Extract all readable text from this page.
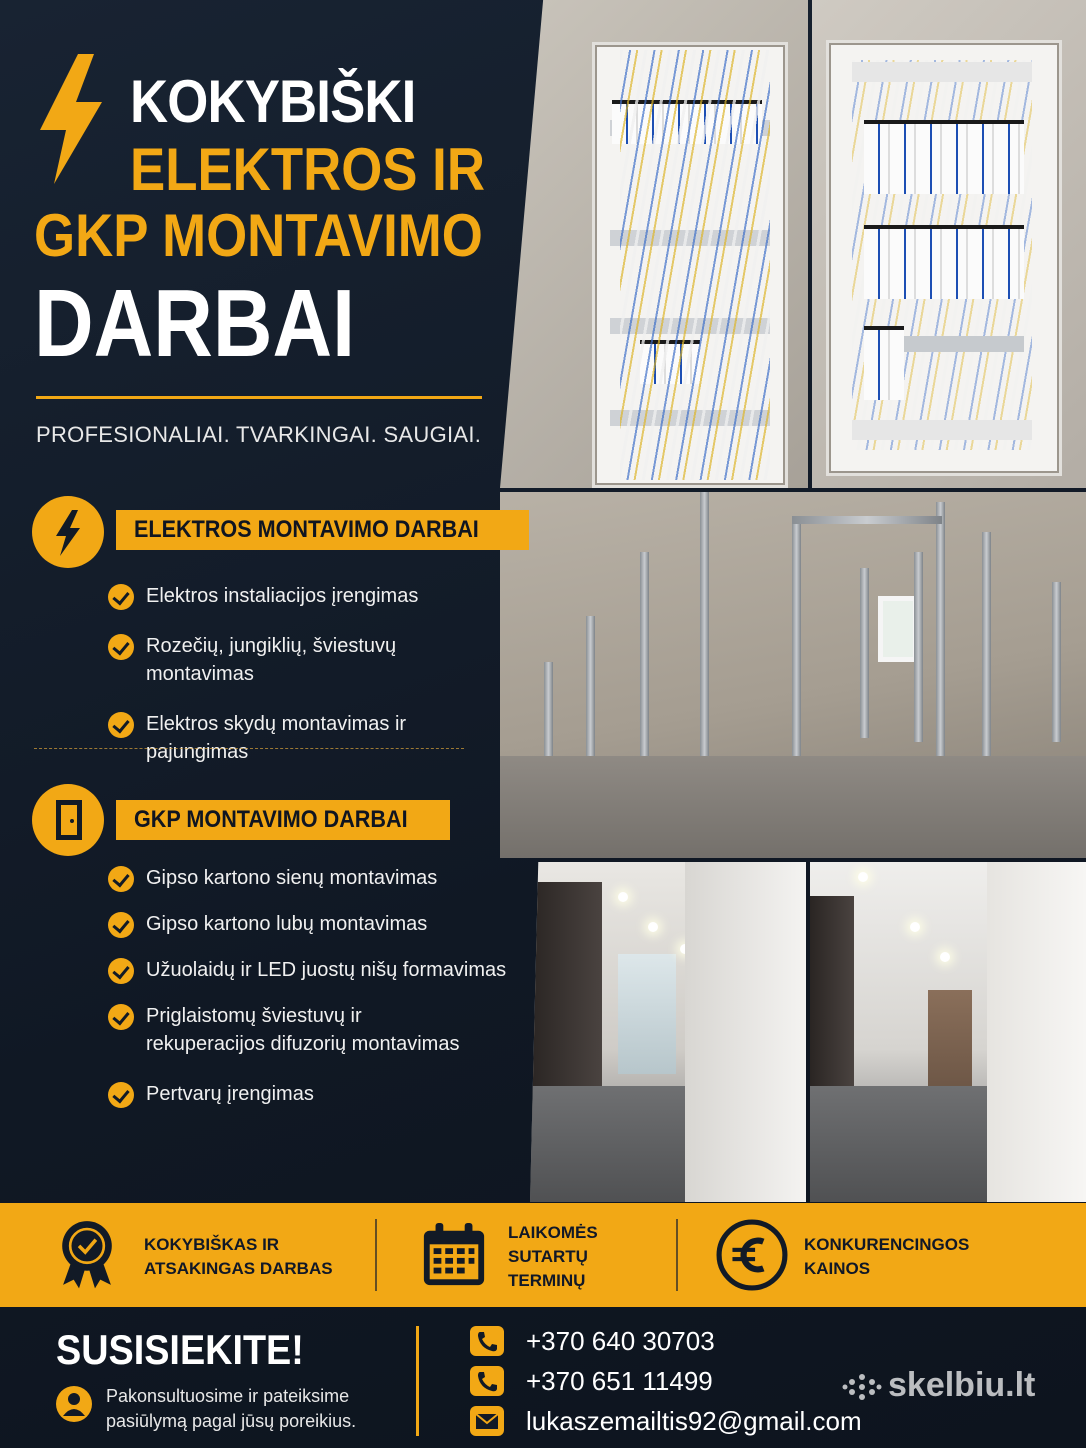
KOKYBIŠKI
ELEKTROS IR
GKP MONTAVIMO
DARBAI
PROFESIONALIAI. TVARKINGAI. SAUGIAI.
ELEKTROS MONTAVIMO DARBAI
Elektros instaliacijos įrengimas
Rozečių, jungiklių, šviestuvų montavimas
Elektros skydų montavimas ir pajungimas
GKP MONTAVIMO DARBAI
Gipso kartono sienų montavimas
Gipso kartono lubų montavimas
Užuolaidų ir LED juostų nišų formavimas
Priglaistomų šviestuvų ir rekuperacijos difuzorių montavimas
Pertvarų įrengimas
KOKYBIŠKAS IR ATSAKINGAS DARBAS
LAIKOMĖS SUTARTŲ TERMINŲ
KONKURENCINGOS KAINOS
SUSISIEKITE!
Pakonsultuosime ir pateiksime pasiūlymą pagal jūsų poreikius.
+370 640 30703
+370 651 11499
lukaszemailtis92@gmail.com
skelbiu.lt
